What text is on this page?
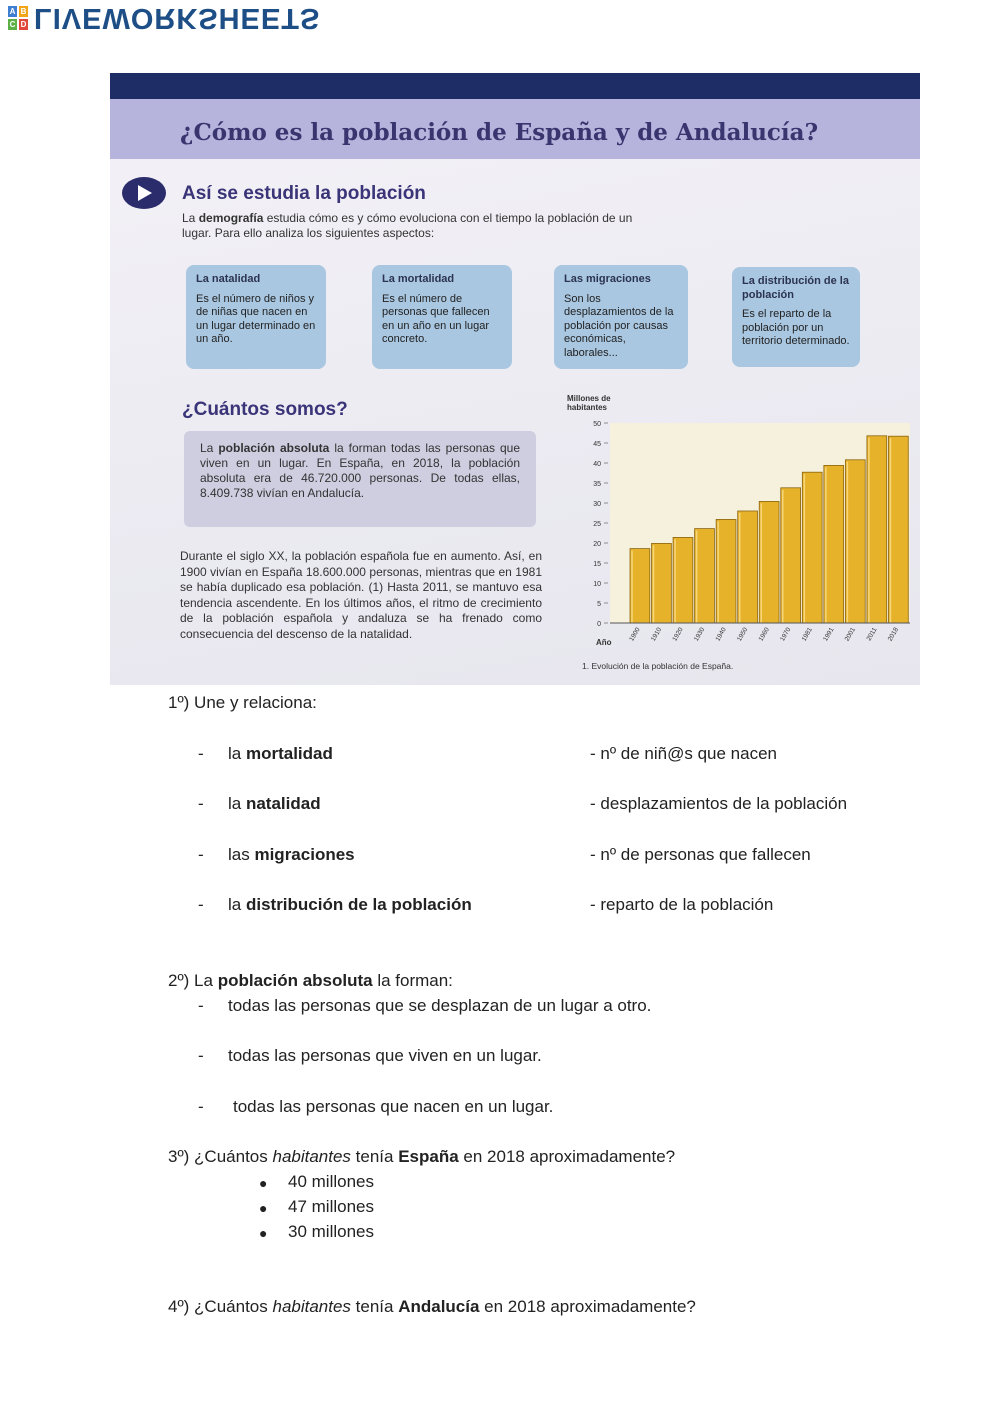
A B
C D LIVEWORKSHEETS
¿Cómo es la población de España y de Andalucía?
Así se estudia la población
La demografía estudia cómo es y cómo evoluciona con el tiempo la población de un lugar. Para ello analiza los siguientes aspectos:
La natalidad
Es el número de niños y de niñas que nacen en un lugar determinado en un año.
La mortalidad
Es el número de personas que fallecen en un año en un lugar concreto.
Las migraciones
Son los desplazamientos de la población por causas económicas, laborales...
La distribución de la población
Es el reparto de la población por un territorio determinado.
¿Cuántos somos?
La población absoluta la forman todas las personas que viven en un lugar. En España, en 2018, la población absoluta era de 46.720.000 personas. De todas ellas, 8.409.738 vivían en Andalucía.
Durante el siglo XX, la población española fue en aumento. Así, en 1900 vivían en España 18.600.000 personas, mientras que en 1981 se había duplicado esa población. (1) Hasta 2011, se mantuvo esa tendencia ascendente. En los últimos años, el ritmo de crecimiento de la población española y andaluza se ha frenado como consecuencia del descenso de la natalidad.
Millones de
habitantes
0
5
10
15
20
25
30
35
40
45
50
1900 1910 1920 1930 1940 1950 1960 1970 1981 1991 2001 2011 2018
Año
1. Evolución de la población de España.
1º) Une y relaciona:
- la mortalidad	- nº de niñ@s que nacen
- la natalidad	- desplazamientos de la población
- las migraciones	- nº de personas que fallecen
- la distribución de la población	- reparto de la población
2º) La población absoluta la forman:
- todas las personas que se desplazan de un lugar a otro.
- todas las personas que viven en un lugar.
- todas las personas que nacen en un lugar.
3º) ¿Cuántos habitantes tenía España en 2018 aproximadamente?
● 40 millones
● 47 millones
● 30 millones
4º) ¿Cuántos habitantes tenía Andalucía en 2018 aproximadamente?
